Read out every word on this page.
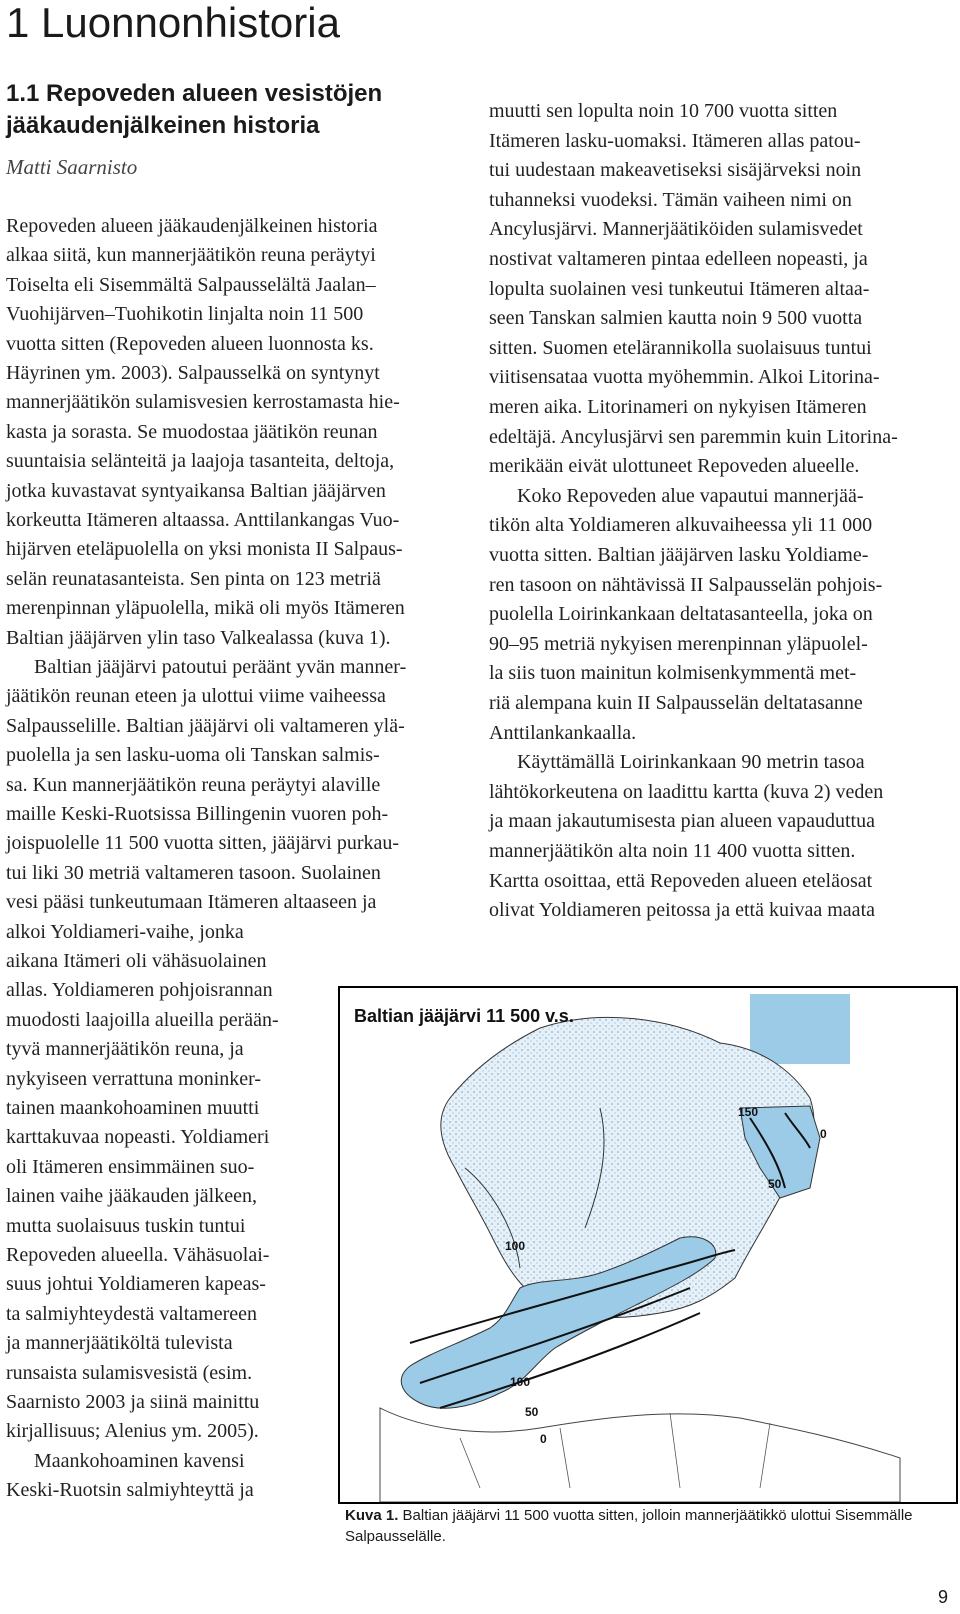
1 Luonnonhistoria
1.1 Repoveden alueen vesistöjen
jääkaudenjälkeinen historia
Matti Saarnisto
Repoveden alueen jääkaudenjälkeinen historia
alkaa siitä, kun mannerjäätikön reuna peräytyi
Toiselta eli Sisemmältä Salpausselältä Jaalan–
Vuohijärven–Tuohikotin linjalta noin 11 500
vuotta sitten (Repoveden alueen luonnosta ks.
Häyrinen ym. 2003). Salpausselkä on syntynyt
mannerjäätikön sulamisvesien kerrostamasta hie-
kasta ja sorasta. Se muodostaa jäätikön reunan
suuntaisia selänteitä ja laajoja tasanteita, deltoja,
jotka kuvastavat syntyaikansa Baltian jääjärven
korkeutta Itämeren altaassa. Anttilankangas Vuo-
hijärven eteläpuolella on yksi monista II Salpaus-
selän reunatasanteista. Sen pinta on 123 metriä
merenpinnan yläpuolella, mikä oli myös Itämeren
Baltian jääjärven ylin taso Valkealassa (kuva 1).
Baltian jääjärvi patoutui peräänt yvän manner-
jäätikön reunan eteen ja ulottui viime vaiheessa
Salpausselille. Baltian jääjärvi oli valtameren ylä-
puolella ja sen lasku-uoma oli Tanskan salmis-
sa. Kun mannerjäätikön reuna peräytyi alaville
maille Keski-Ruotsissa Billingenin vuoren poh-
joispuolelle 11 500 vuotta sitten, jääjärvi purkau-
tui liki 30 metriä valtameren tasoon. Suolainen
vesi pääsi tunkeutumaan Itämeren altaaseen ja
alkoi Yoldiameri-vaihe, jonka
aikana Itämeri oli vähäsuolainen
allas. Yoldiameren pohjoisrannan
muodosti laajoilla alueilla perään-
tyvä mannerjäätikön reuna, ja
nykyiseen verrattuna moninker-
tainen maankohoaminen muutti
karttakuvaa nopeasti. Yoldiameri
oli Itämeren ensimmäinen suo-
lainen vaihe jääkauden jälkeen,
mutta suolaisuus tuskin tuntui
Repoveden alueella. Vähäsuolai-
suus johtui Yoldiameren kapeas-
ta salmiyhteydestä valtamereen
ja mannerjäätiköltä tulevista
runsaista sulamisvesistä (esim.
Saarnisto 2003 ja siinä mainittu
kirjallisuus; Alenius ym. 2005).
Maankohoaminen kavensi
Keski-Ruotsin salmiyhteyttä ja
muutti sen lopulta noin 10 700 vuotta sitten
Itämeren lasku-uomaksi. Itämeren allas patou-
tui uudestaan makeavetiseksi sisäjärveksi noin
tuhanneksi vuodeksi. Tämän vaiheen nimi on
Ancylusjärvi. Mannerjäätiköiden sulamisvedet
nostivat valtameren pintaa edelleen nopeasti, ja
lopulta suolainen vesi tunkeutui Itämeren altaa-
seen Tanskan salmien kautta noin 9 500 vuotta
sitten. Suomen etelärannikolla suolaisuus tuntui
viitisensataa vuotta myöhemmin. Alkoi Litorina-
meren aika. Litorinameri on nykyisen Itämeren
edeltäjä. Ancylusjärvi sen paremmin kuin Litorina-
merikään eivät ulottuneet Repoveden alueelle.
Koko Repoveden alue vapautui mannerjää-
tikön alta Yoldiameren alkuvaiheessa yli 11 000
vuotta sitten. Baltian jääjärven lasku Yoldiame-
ren tasoon on nähtävissä II Salpausselän pohjois-
puolella Loirinkankaan deltatasanteella, joka on
90–95 metriä nykyisen merenpinnan yläpuolel-
la siis tuon mainitun kolmisenkymmentä met-
riä alempana kuin II Salpausselän deltatasanne
Anttilankankaalla.
Käyttämällä Loirinkankaan 90 metrin tasoa
lähtökorkeutena on laadittu kartta (kuva 2) veden
ja maan jakautumisesta pian alueen vapauduttua
mannerjäätikön alta noin 11 400 vuotta sitten.
Kartta osoittaa, että Repoveden alueen eteläosat
olivat Yoldiameren peitossa ja että kuivaa maata
Baltian jääjärvi 11 500 v.s.
150
0
100
50
100
50
0
Kuva 1. Baltian jääjärvi 11 500 vuotta sitten, jolloin mannerjäätikkö ulottui Sisemmälle Salpausselälle.
9
